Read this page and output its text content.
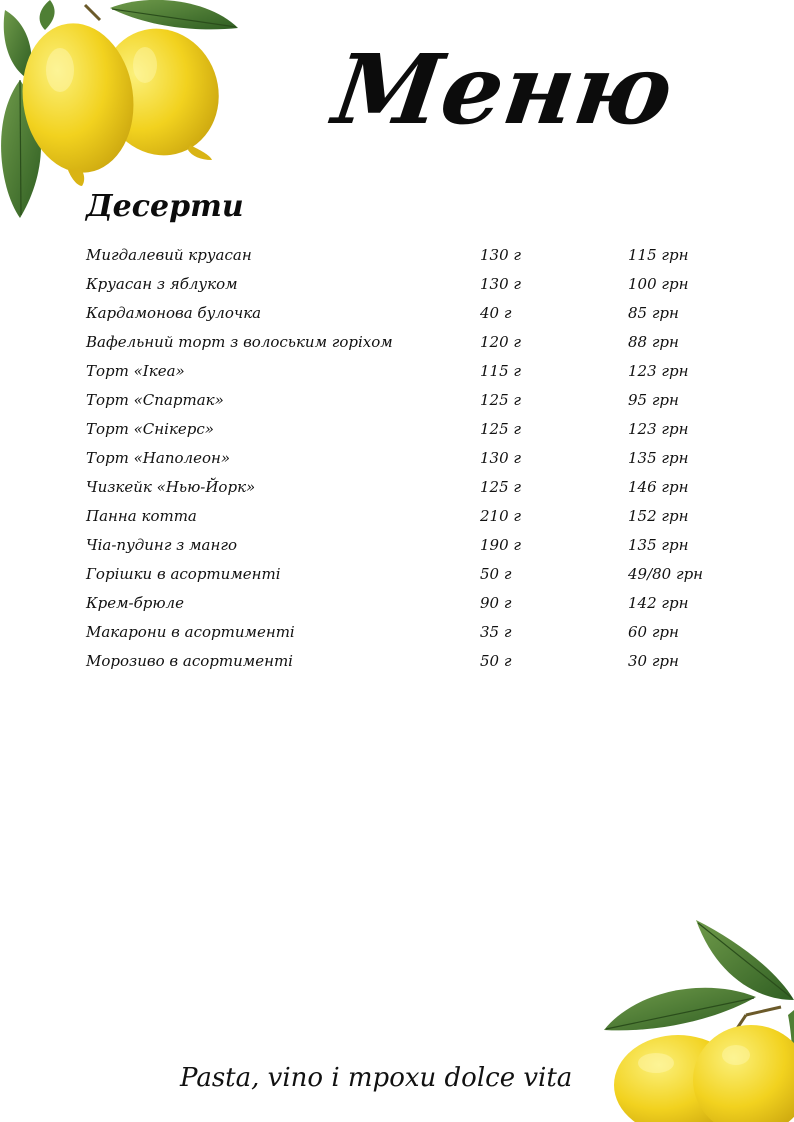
Меню
Десерти
Мигдалевий круасан	130 г	115 грн
Круасан з яблуком	130 г	100 грн
Кардамонова булочка	40 г	85 грн
Вафельний торт з волоським горіхом	120 г	88 грн
Торт «Ікеа»	115 г	123 грн
Торт «Спартак»	125 г	95 грн
Торт «Снікерс»	125 г	123 грн
Торт «Наполеон»	130 г	135 грн
Чизкейк «Нью-Йорк»	125 г	146 грн
Панна котта	210 г	152 грн
Чіа-пудинг з манго	190 г	135 грн
Горішки в асортименті	50 г	49/80 грн
Крем-брюле	90 г	142 грн
Макарони в асортименті	35 г	60 грн
Морозиво в асортименті	50 г	30 грн
Pasta, vino і трохи dolce vita
